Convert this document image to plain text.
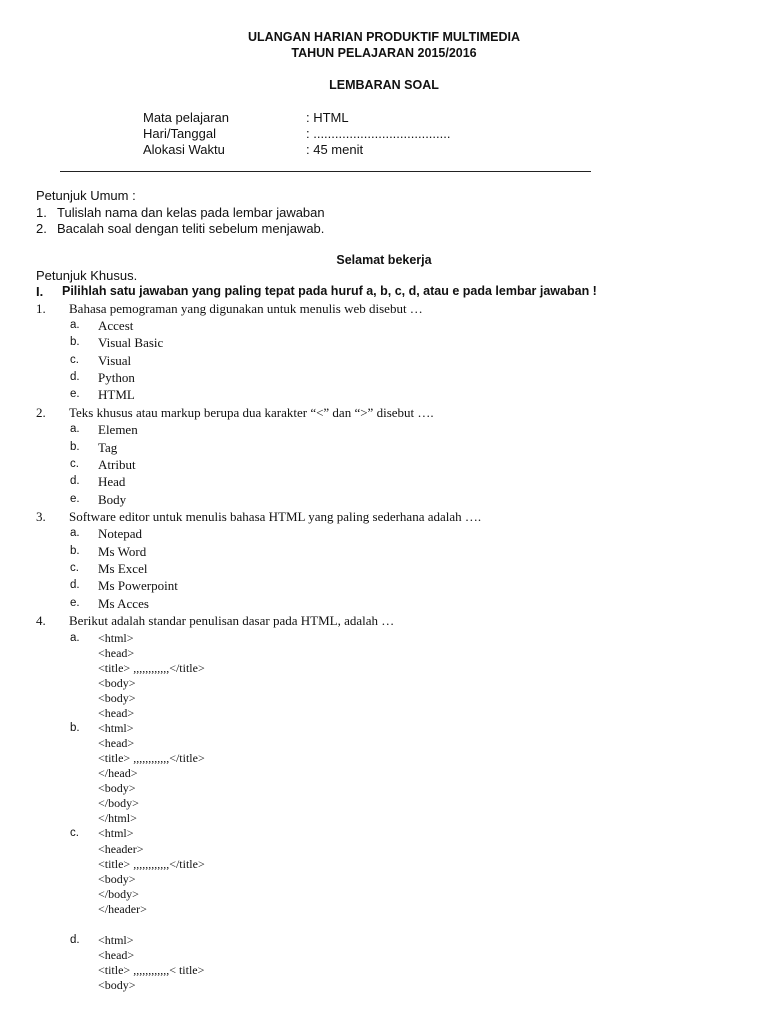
ULANGAN HARIAN PRODUKTIF MULTIMEDIA
TAHUN PELAJARAN 2015/2016
LEMBARAN SOAL
Mata pelajaran	: HTML
Hari/Tanggal	: ......................................
Alokasi Waktu	: 45 menit
Petunjuk Umum :
1. Tulislah nama dan kelas pada lembar jawaban
2. Bacalah soal dengan teliti sebelum menjawab.
Selamat bekerja
Petunjuk Khusus.
I. Pilihlah satu jawaban yang paling tepat pada huruf a, b, c, d, atau e pada lembar jawaban !
1. Bahasa pemograman yang digunakan untuk menulis web disebut …
a. Accest
b. Visual Basic
c. Visual
d. Python
e. HTML
2. Teks khusus atau markup berupa dua karakter “<” dan “>” disebut ….
a. Elemen
b. Tag
c. Atribut
d. Head
e. Body
3. Software editor untuk menulis bahasa HTML yang paling sederhana adalah ….
a. Notepad
b. Ms Word
c. Ms Excel
d. Ms Powerpoint
e. Ms Acces
4. Berikut adalah standar penulisan dasar pada HTML, adalah …
a. <html>
<head>
<title> ,,,,,,,,,,,,</title>
<body>
<body>
<head>
b. <html>
<head>
<title> ,,,,,,,,,,,,</title>
</head>
<body>
</body>
</html>
c. <html>
<header>
<title> ,,,,,,,,,,,,</title>
<body>
</body>
</header>
d. <html>
<head>
<title> ,,,,,,,,,,,,< title>
<body>
